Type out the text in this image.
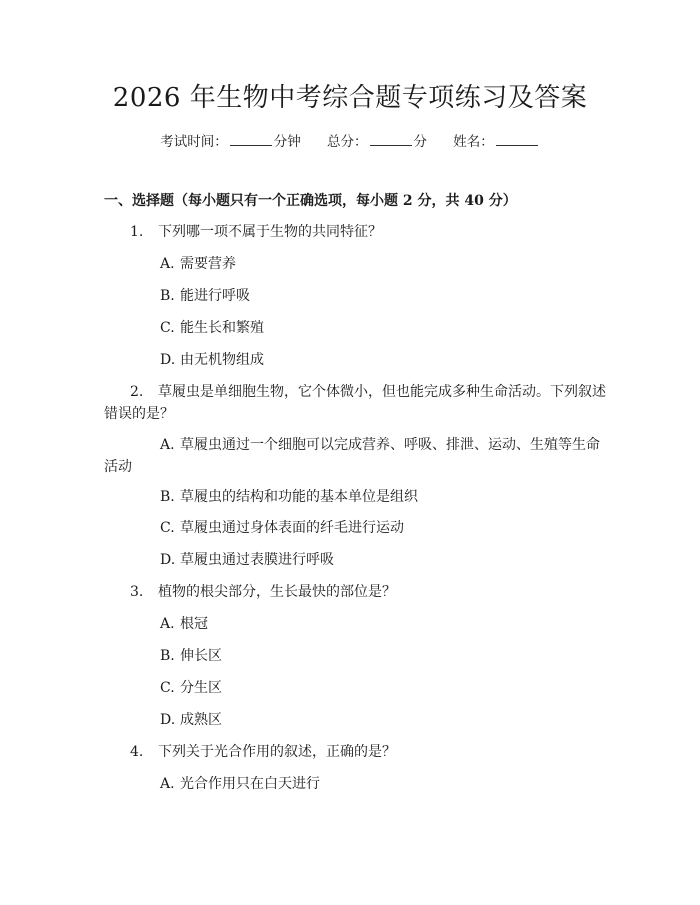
2026 年生物中考综合题专项练习及答案
考试时间：	分钟 总分：	分 姓名：
一、选择题（每小题只有一个正确选项，每小题 2 分，共 40 分）
1. 下列哪一项不属于生物的共同特征？
A. 需要营养
B. 能进行呼吸
C. 能生长和繁殖
D. 由无机物组成
2. 草履虫是单细胞生物，它个体微小，但也能完成多种生命活动。下列叙述
错误的是？
A. 草履虫通过一个细胞可以完成营养、呼吸、排泄、运动、生殖等生命
活动
B. 草履虫的结构和功能的基本单位是组织
C. 草履虫通过身体表面的纤毛进行运动
D. 草履虫通过表膜进行呼吸
3. 植物的根尖部分，生长最快的部位是？
A. 根冠
B. 伸长区
C. 分生区
D. 成熟区
4. 下列关于光合作用的叙述，正确的是？
A. 光合作用只在白天进行
